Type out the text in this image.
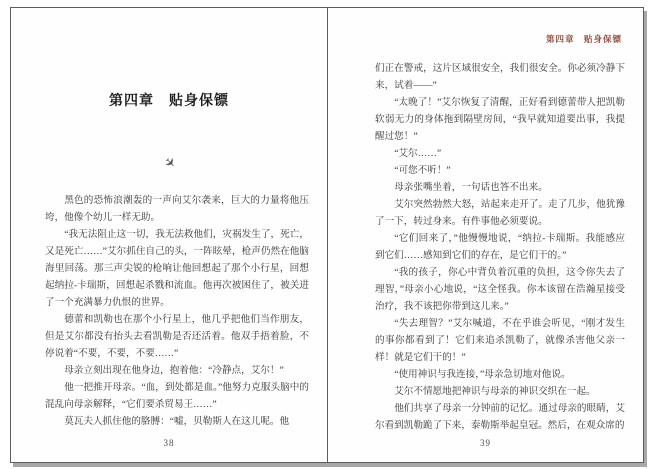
第四章　贴身保镖
✈

黑色的恐怖浪潮轰的一声向艾尔袭来，巨大的力量将他压垮，他像个幼儿一样无助。

“我无法阻止这一切，我无法救他们，灾祸发生了，死亡，又是死亡……”艾尔抓住自己的头，一阵眩晕，枪声仍然在他脑海里回荡。那三声尖锐的枪响让他回想起了那个小行星，回想起纳拉-卡瑞斯，回想起杀戮和流血。他再次被困住了，被关进了一个充满暴力仇恨的世界。

德蕾和凯勒也在那个小行星上，他几乎把他们当作朋友，但是艾尔都没有抬头去看凯勒是否还活着。他双手捂着脸，不停说着“不要，不要，不要……”

母亲立刻出现在他身边，抱着他：“冷静点，艾尔！”

他一把推开母亲。“血，到处都是血。”他努力克服头脑中的混乱向母亲解释，“它们要杀贸易王……”

莫瓦夫人抓住他的胳膊：“嘘，贝勒斯人在这儿呢。他

38
第四章　贴身保镖

们正在警戒，这片区域很安全，我们很安全。你必须冷静下来，试着——”

“太晚了！”艾尔恢复了清醒，正好看到德蕾带人把凯勒软弱无力的身体拖到隔壁房间，“我早就知道要出事，我提醒过您！”

“艾尔……”

“可您不听！”

母亲张嘴坐着，一句话也答不出来。

艾尔突然勃然大怒，站起来走开了。走了几步，他犹豫了一下，转过身来。有件事他必须要说。

“它们回来了，”他慢慢地说，“纳拉-卡瑞斯。我能感应到它们……感知到它们的存在，是它们干的。”

“我的孩子，你心中背负着沉重的负担，这令你失去了理智，”母亲小心地说，“这全怪我。你本该留在浩瀚星接受治疗，我不该把你带到这儿来。”

“失去理智？”艾尔喊道，不在乎谁会听见，“刚才发生的事你都看到了！它们来追杀凯勒了，就像杀害他父亲一样！就是它们干的！”

“使用神识与我连接，”母亲急切地对他说。

艾尔不情愿地把神识与母亲的神识交织在一起。

他们共享了母亲一分钟前的记忆。通过母亲的眼睛，艾尔看到凯勒跪了下来，泰勒斯举起皇冠。然后，在观众席的

39
